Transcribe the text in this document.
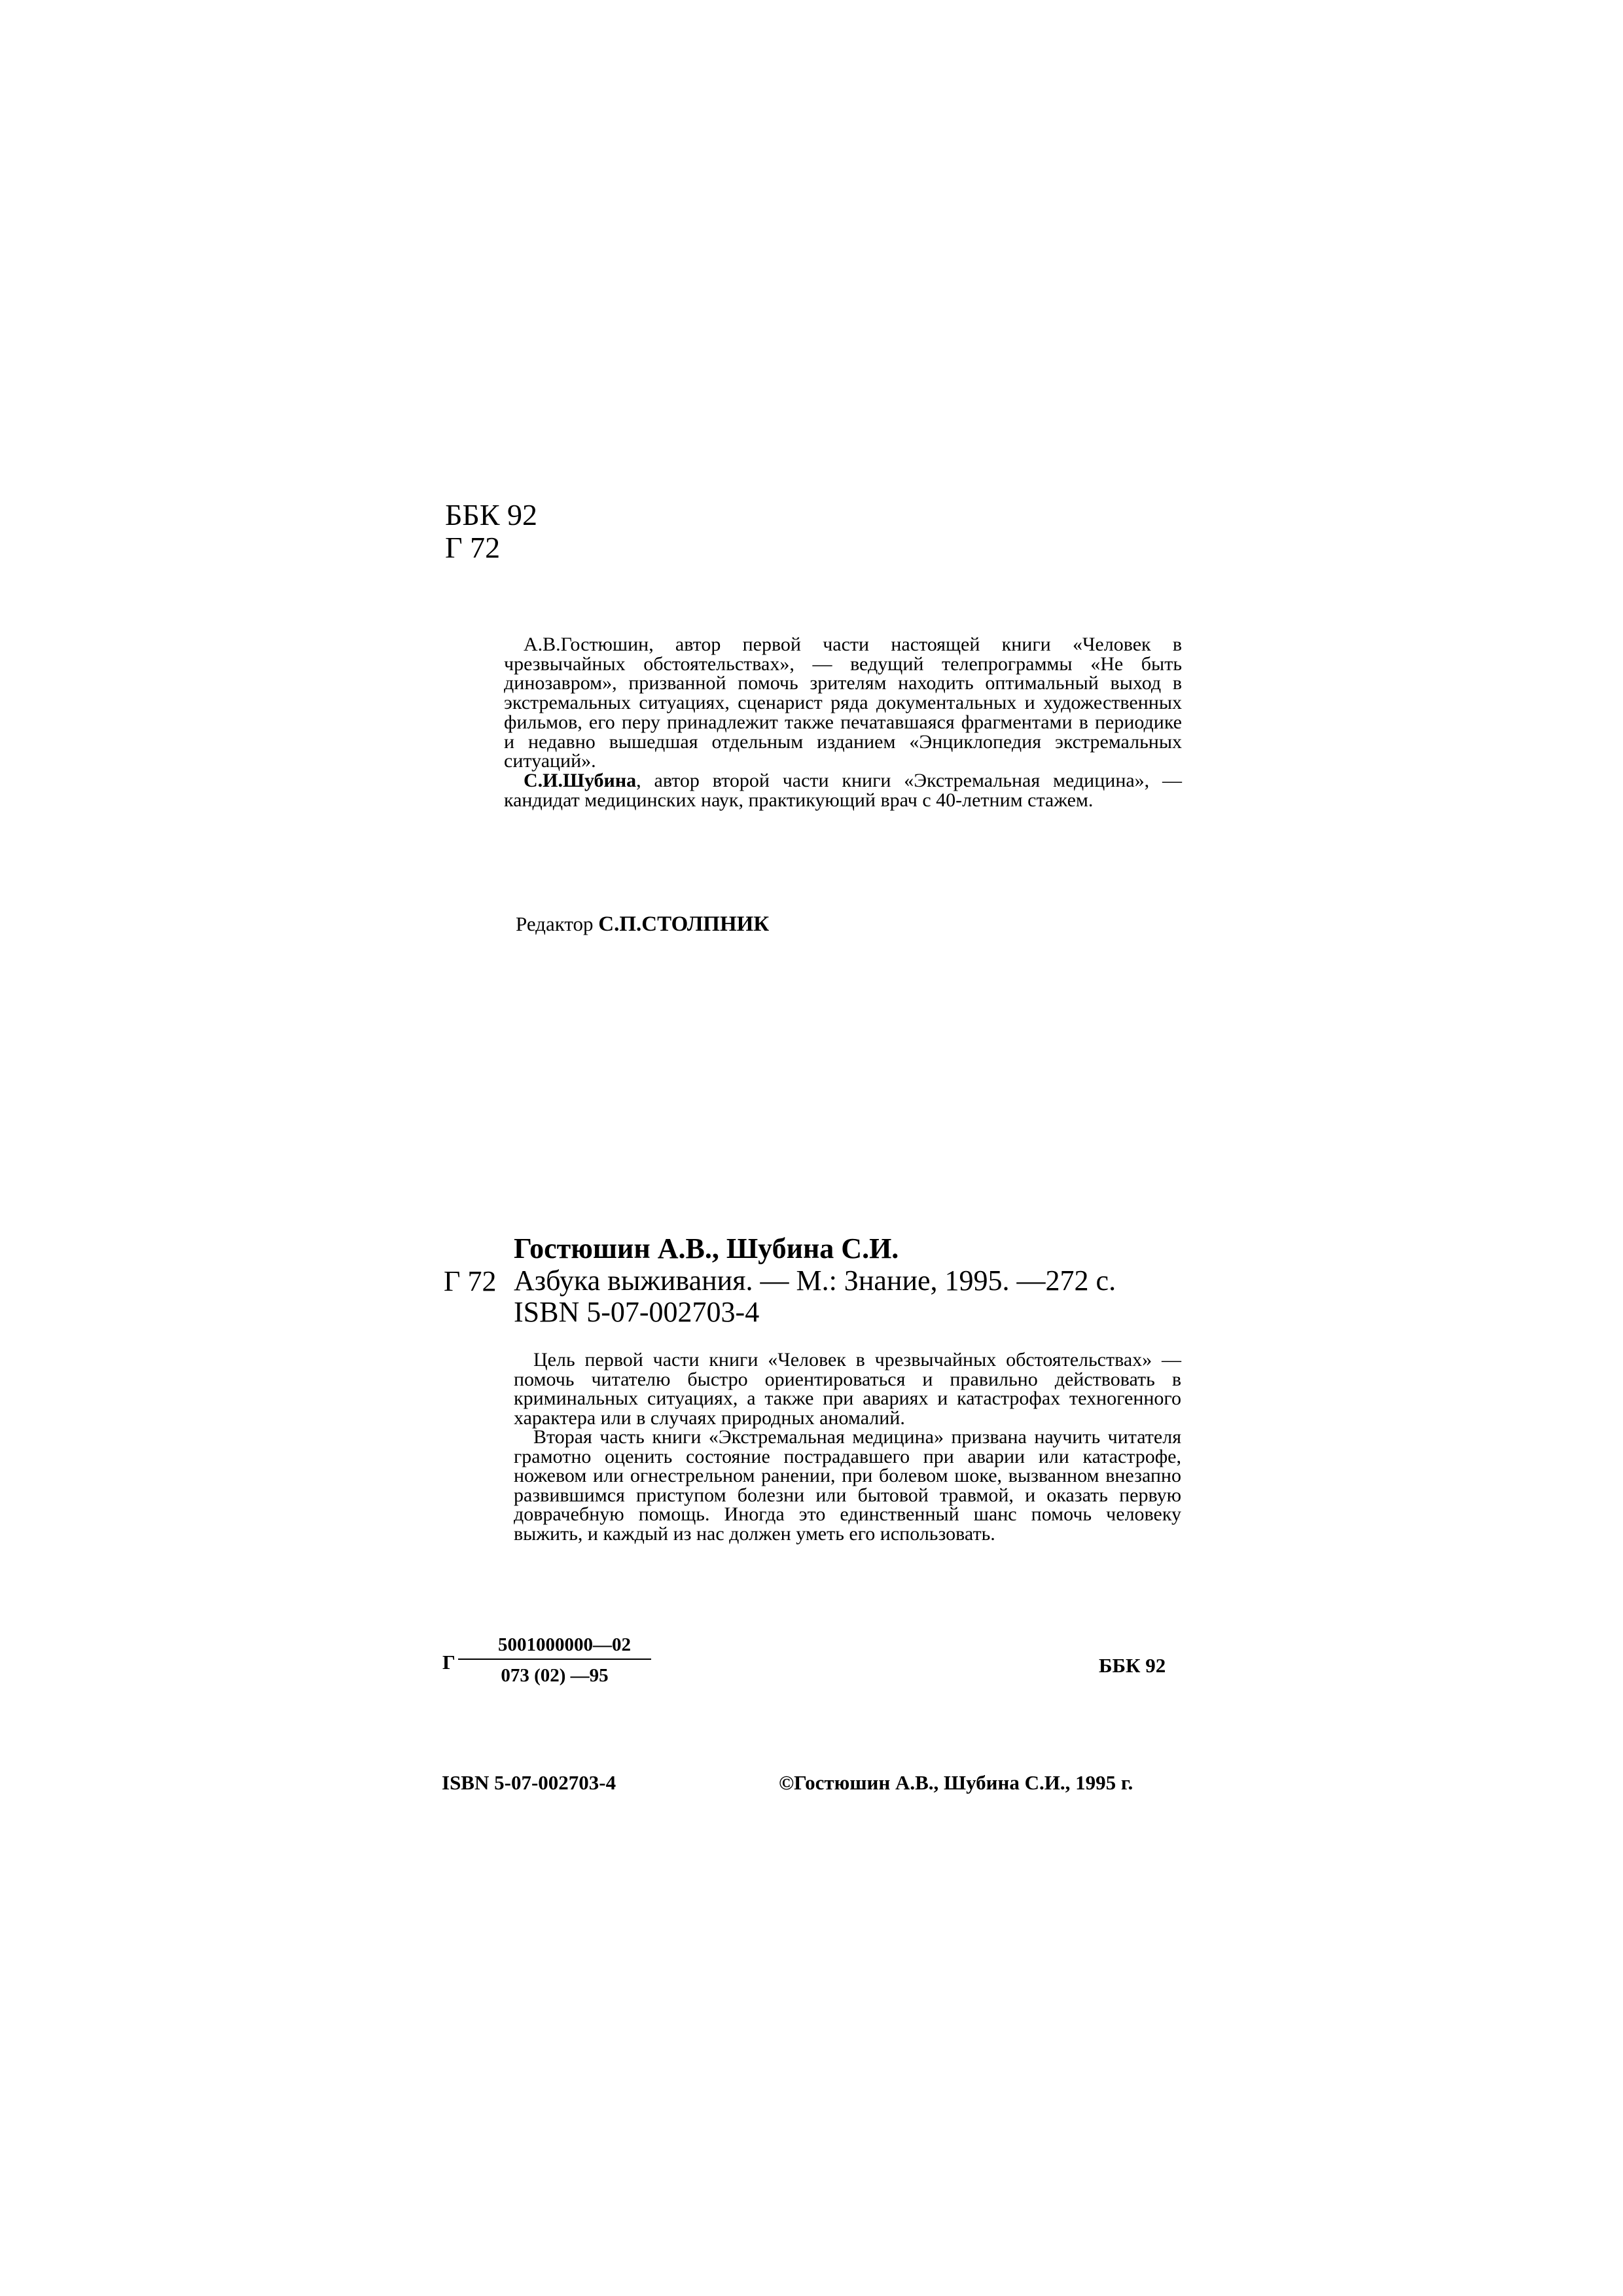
ББК 92
Г 72

А.В.Гостюшин, автор первой части настоящей книги «Человек в чрезвычайных обстоятельствах», — ведущий телепрограммы «Не быть динозавром», призванной помочь зрителям находить оптимальный выход в экстремальных ситуациях, сценарист ряда документальных и художественных фильмов, его перу принадлежит также печатавшаяся фрагментами в периодике и недавно вышедшая отдельным изданием «Энциклопедия экстремальных ситуаций».

С.И.Шубина, автор второй части книги «Экстремальная медицина», — кандидат медицинских наук, практикующий врач с 40-летним стажем.

Редактор С.П.СТОЛПНИК
Г 72
Гостюшин А.В., Шубина С.И.
Азбука выживания. — М.: Знание, 1995. —272 с.
ISBN 5-07-002703-4

Цель первой части книги «Человек в чрезвычайных обстоятельствах» — помочь читателю быстро ориентироваться и правильно действовать в криминальных ситуациях, а также при авариях и катастрофах техногенного характера или в случаях природных аномалий.

Вторая часть книги «Экстремальная медицина» призвана научить читателя грамотно оценить состояние пострадавшего при аварии или катастрофе, ножевом или огнестрельном ранении, при болевом шоке, вызванном внезапно развившимся приступом болезни или бытовой травмой, и оказать первую доврачебную помощь. Иногда это единственный шанс помочь человеку выжить, и каждый из нас должен уметь его использовать.

Г
5001000000—02
073 (02) —95	ББК 92
ISBN 5-07-002703-4	©Гостюшин А.В., Шубина С.И., 1995 г.
